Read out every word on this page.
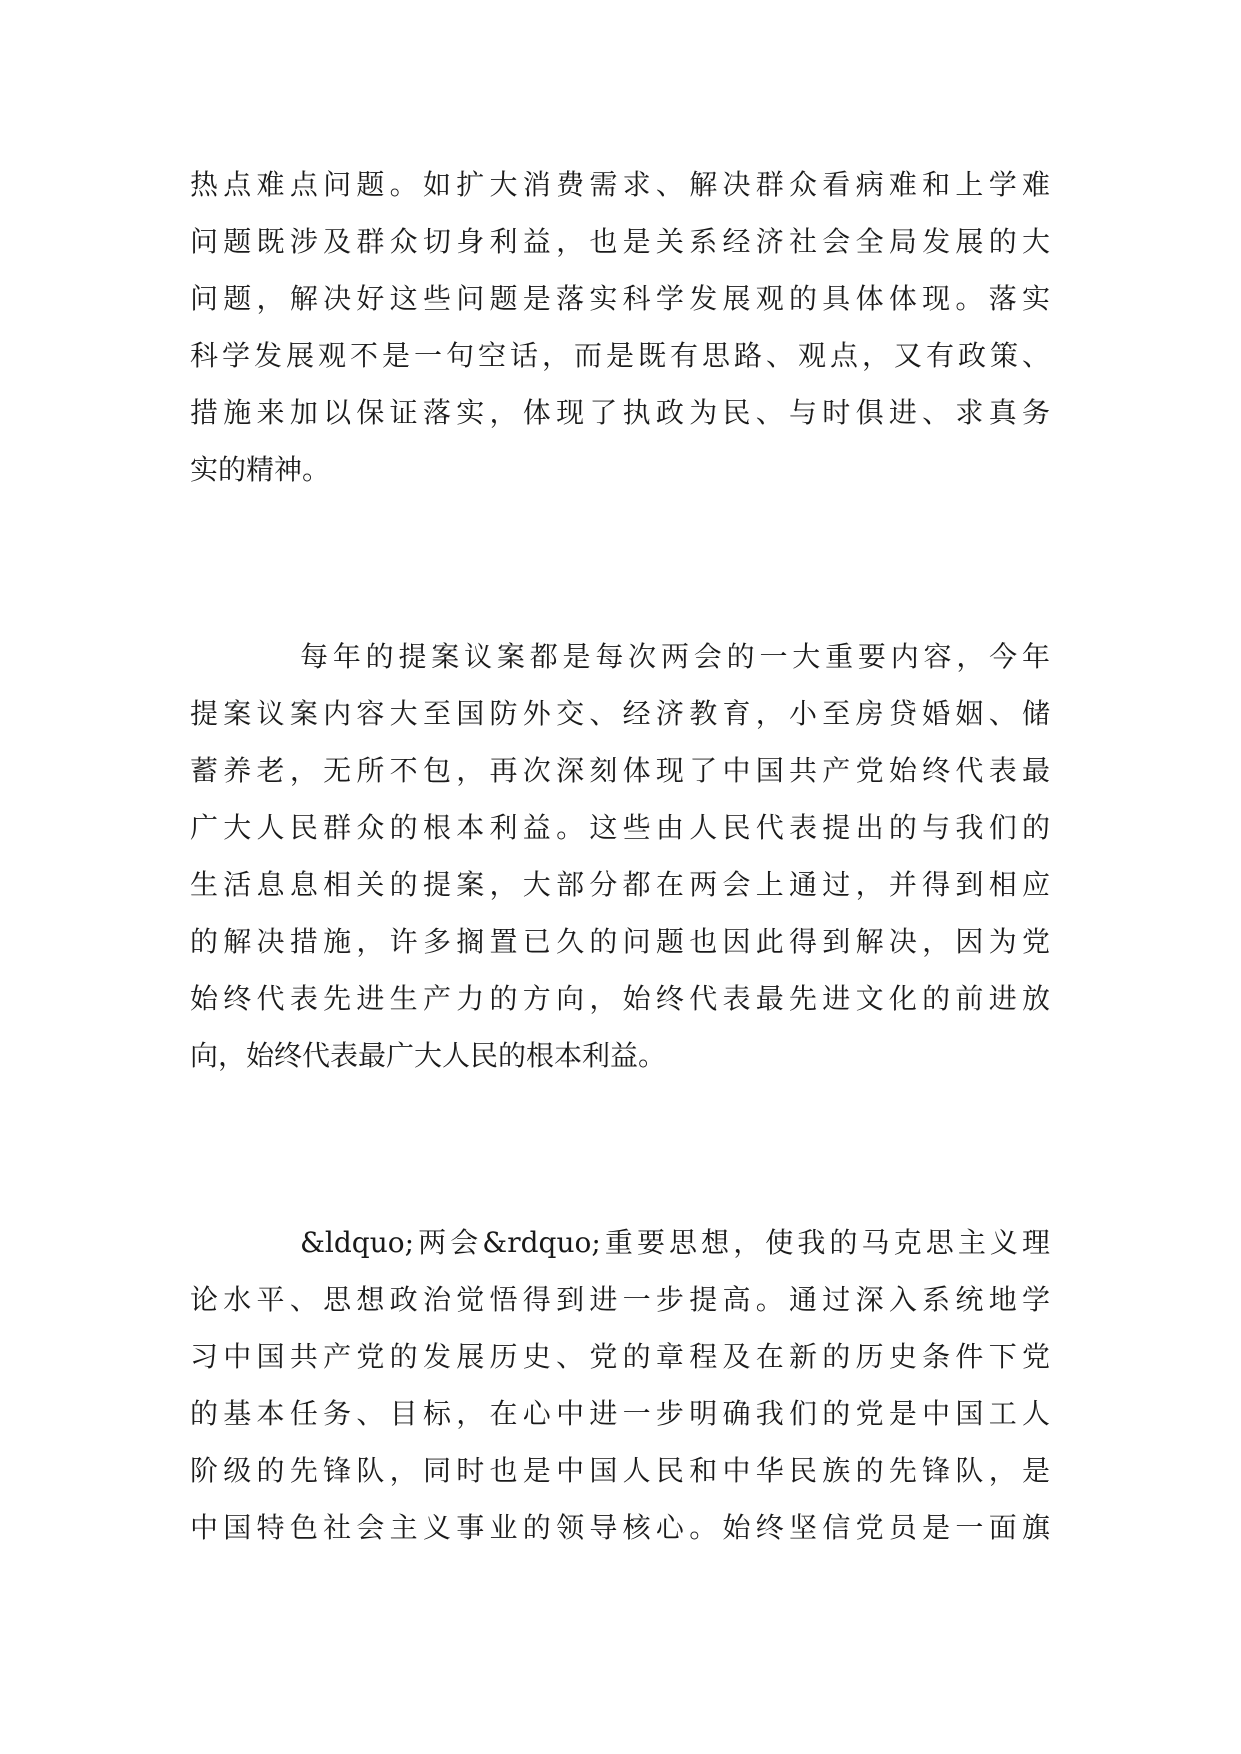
热点难点问题。如扩大消费需求、解决群众看病难和上学难
问题既涉及群众切身利益，也是关系经济社会全局发展的大
问题，解决好这些问题是落实科学发展观的具体体现。落实
科学发展观不是一句空话，而是既有思路、观点，又有政策、
措施来加以保证落实，体现了执政为民、与时俱进、求真务
实的精神。
每年的提案议案都是每次两会的一大重要内容，今年
提案议案内容大至国防外交、经济教育，小至房贷婚姻、储
蓄养老，无所不包，再次深刻体现了中国共产党始终代表最
广大人民群众的根本利益。这些由人民代表提出的与我们的
生活息息相关的提案，大部分都在两会上通过，并得到相应
的解决措施，许多搁置已久的问题也因此得到解决，因为党
始终代表先进生产力的方向，始终代表最先进文化的前进放
向，始终代表最广大人民的根本利益。
&ldquo;两会&rdquo;重要思想，使我的马克思主义理
论水平、思想政治觉悟得到进一步提高。通过深入系统地学
习中国共产党的发展历史、党的章程及在新的历史条件下党
的基本任务、目标，在心中进一步明确我们的党是中国工人
阶级的先锋队，同时也是中国人民和中华民族的先锋队，是
中国特色社会主义事业的领导核心。始终坚信党员是一面旗
